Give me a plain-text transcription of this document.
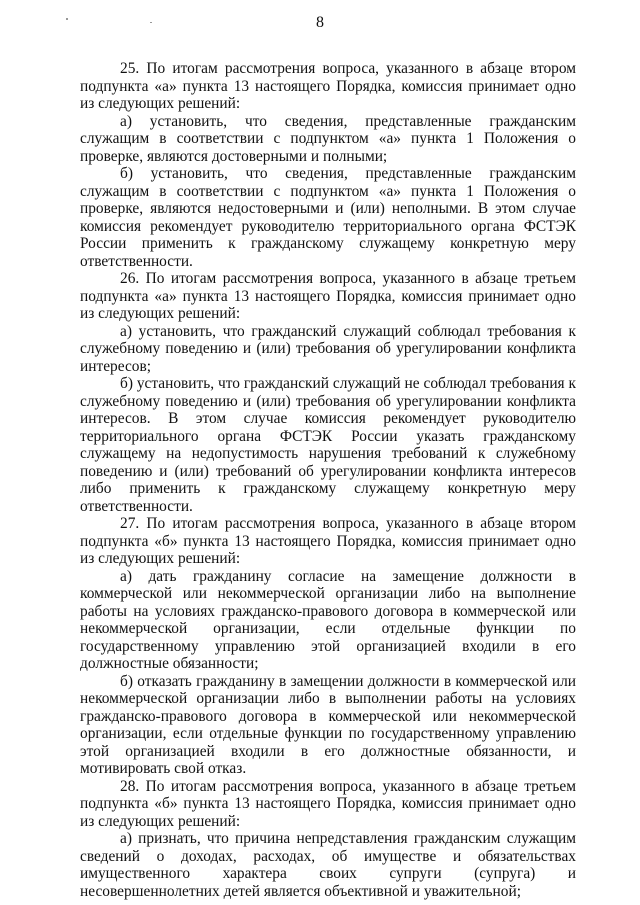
8

25. По итогам рассмотрения вопроса, указанного в абзаце втором подпункта «а» пункта 13 настоящего Порядка, комиссия принимает одно из следующих решений:

а) установить, что сведения, представленные гражданским служащим в соответствии с подпунктом «а» пункта 1 Положения о проверке, являются достоверными и полными;

б) установить, что сведения, представленные гражданским служащим в соответствии с подпунктом «а» пункта 1 Положения о проверке, являются недостоверными и (или) неполными. В этом случае комиссия рекомендует руководителю территориального органа ФСТЭК России применить к гражданскому служащему конкретную меру ответственности.

26. По итогам рассмотрения вопроса, указанного в абзаце третьем подпункта «а» пункта 13 настоящего Порядка, комиссия принимает одно из следующих решений:

а) установить, что гражданский служащий соблюдал требования к служебному поведению и (или) требования об урегулировании конфликта интересов;

б) установить, что гражданский служащий не соблюдал требования к служебному поведению и (или) требования об урегулировании конфликта интересов. В этом случае комиссия рекомендует руководителю территориального органа ФСТЭК России указать гражданскому служащему на недопустимость нарушения требований к служебному поведению и (или) требований об урегулировании конфликта интересов либо применить к гражданскому служащему конкретную меру ответственности.

27. По итогам рассмотрения вопроса, указанного в абзаце втором подпункта «б» пункта 13 настоящего Порядка, комиссия принимает одно из следующих решений:

а) дать гражданину согласие на замещение должности в коммерческой или некоммерческой организации либо на выполнение работы на условиях гражданско-правового договора в коммерческой или некоммерческой организации, если отдельные функции по государственному управлению этой организацией входили в его должностные обязанности;

б) отказать гражданину в замещении должности в коммерческой или некоммерческой организации либо в выполнении работы на условиях гражданско-правового договора в коммерческой или некоммерческой организации, если отдельные функции по государственному управлению этой организацией входили в его должностные обязанности, и мотивировать свой отказ.

28. По итогам рассмотрения вопроса, указанного в абзаце третьем подпункта «б» пункта 13 настоящего Порядка, комиссия принимает одно из следующих решений:

а) признать, что причина непредставления гражданским служащим сведений о доходах, расходах, об имуществе и обязательствах имущественного характера своих супруги (супруга) и несовершеннолетних детей является объективной и уважительной;
